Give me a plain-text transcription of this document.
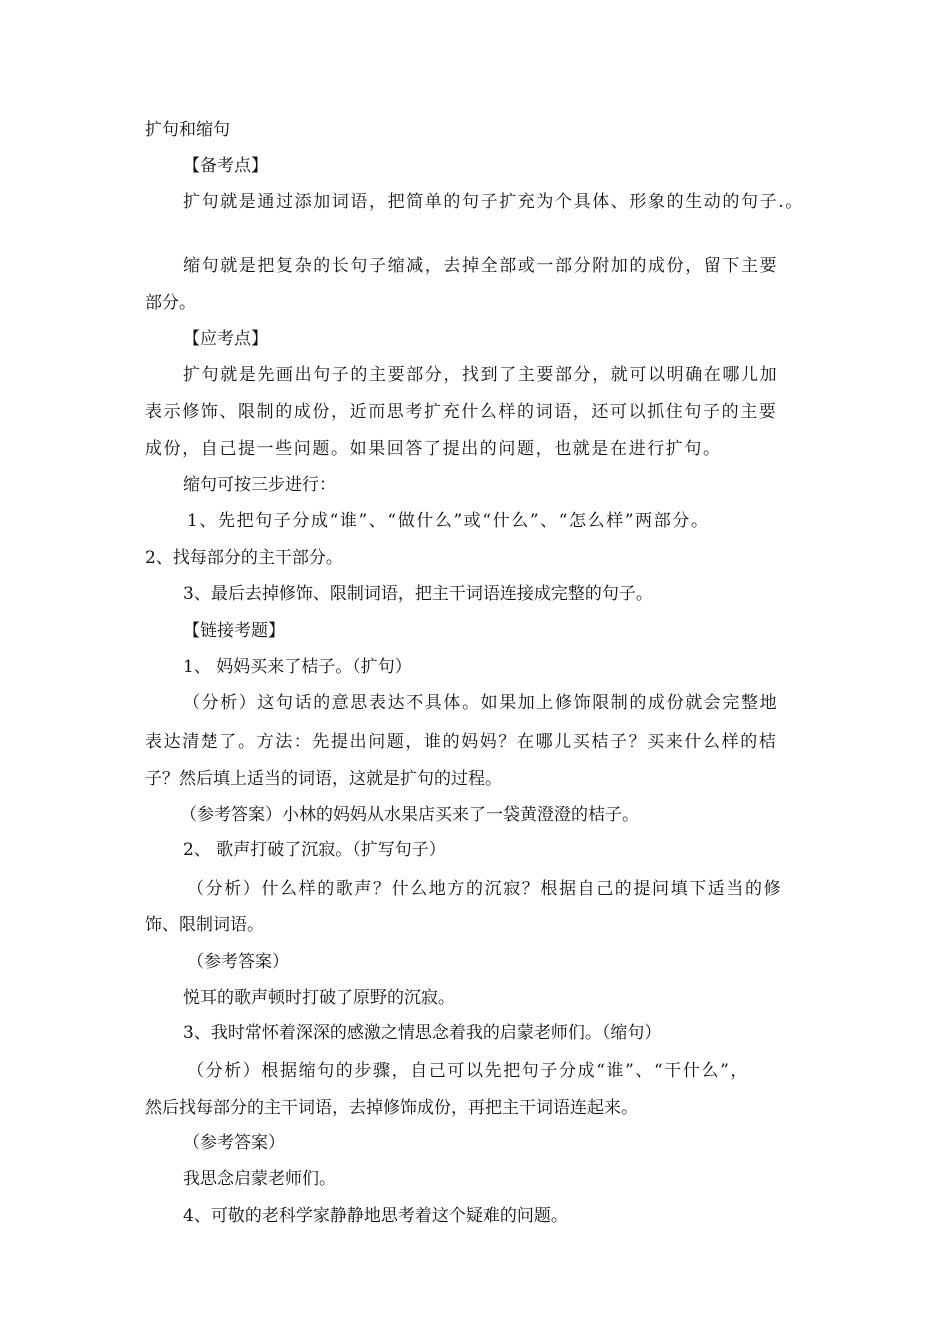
扩句和缩句
【备考点】
扩句就是通过添加词语，把简单的句子扩充为个具体、形象的生动的句子.。
缩句就是把复杂的长句子缩减，去掉全部或一部分附加的成份，留下主要
部分。
【应考点】
扩句就是先画出句子的主要部分，找到了主要部分，就可以明确在哪儿加
表示修饰、限制的成份，近而思考扩充什么样的词语，还可以抓住句子的主要
成份，自己提一些问题。如果回答了提出的问题，也就是在进行扩句。
缩句可按三步进行：
1、先把句子分成“谁”、“做什么”或“什么”、“怎么样”两部分。
2、找每部分的主干部分。
3、最后去掉修饰、限制词语，把主干词语连接成完整的句子。
【链接考题】
1、 妈妈买来了桔子。（扩句）
（分析）这句话的意思表达不具体。如果加上修饰限制的成份就会完整地
表达清楚了。方法：先提出问题，谁的妈妈？在哪儿买桔子？买来什么样的桔
子？然后填上适当的词语，这就是扩句的过程。
（参考答案）小林的妈妈从水果店买来了一袋黄澄澄的桔子。
2、 歌声打破了沉寂。（扩写句子）
（分析）什么样的歌声？什么地方的沉寂？根据自己的提问填下适当的修
饰、限制词语。
（参考答案）
悦耳的歌声顿时打破了原野的沉寂。
3、我时常怀着深深的感激之情思念着我的启蒙老师们。（缩句）
（分析）根据缩句的步骤，自己可以先把句子分成“谁”、“干什么”，
然后找每部分的主干词语，去掉修饰成份，再把主干词语连起来。
（参考答案）
我思念启蒙老师们。
4、可敬的老科学家静静地思考着这个疑难的问题。
